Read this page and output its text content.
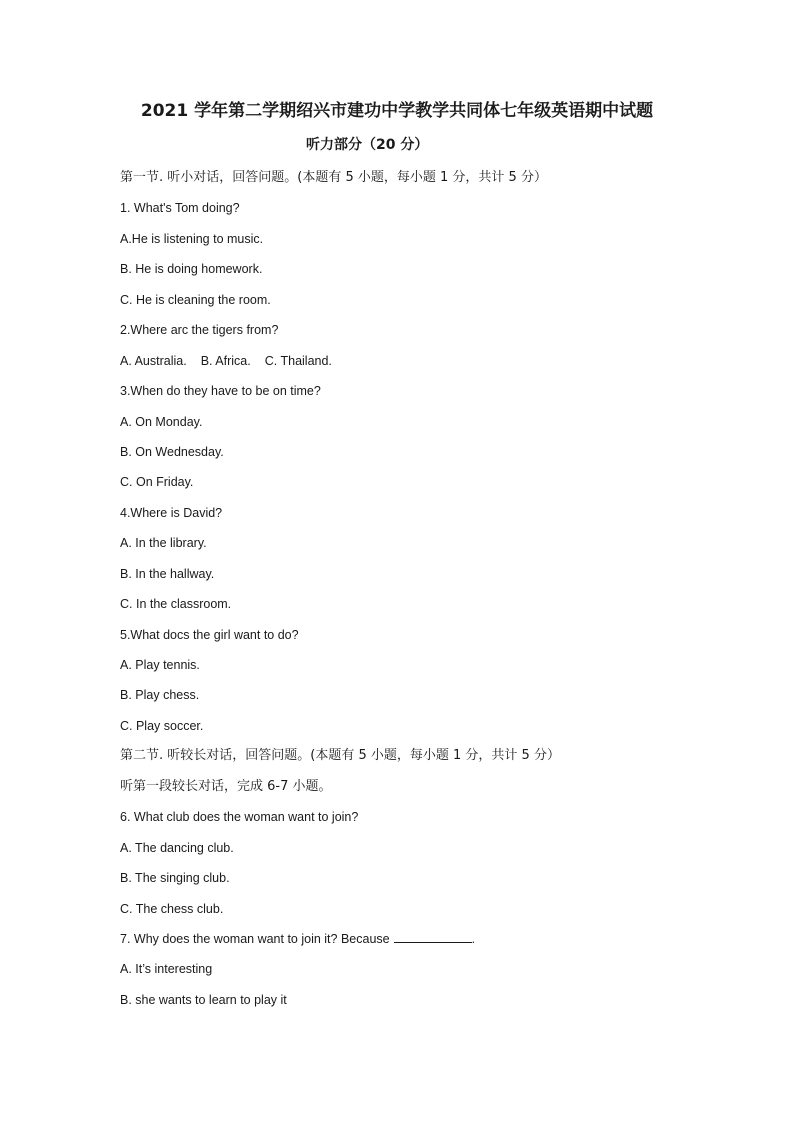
2021 学年第二学期绍兴市建功中学教学共同体七年级英语期中试题
听力部分（20 分）
第一节. 听小对话，回答问题。(本题有 5 小题，每小题 1 分，共计 5 分）
1. What's Tom doing?
A.He is listening to music.
B. He is doing homework.
C. He is cleaning the room.
2.Where arc the tigers from?
A. Australia. B. Africa. C. Thailand.
3.When do they have to be on time?
A. On Monday.
B. On Wednesday.
C. On Friday.
4.Where is David?
A. In the library.
B. In the hallway.
C. In the classroom.
5.What docs the girl want to do?
A. Play tennis.
B. Play chess.
C. Play soccer.
第二节. 听较长对话，回答问题。(本题有 5 小题，每小题 1 分，共计 5 分）
听第一段较长对话，完成 6-7 小题。
6. What club does the woman want to join?
A. The dancing club.
B. The singing club.
C. The chess club.
7. Why does the woman want to join it? Because	.
A. It’s interesting
B. she wants to learn to play it
